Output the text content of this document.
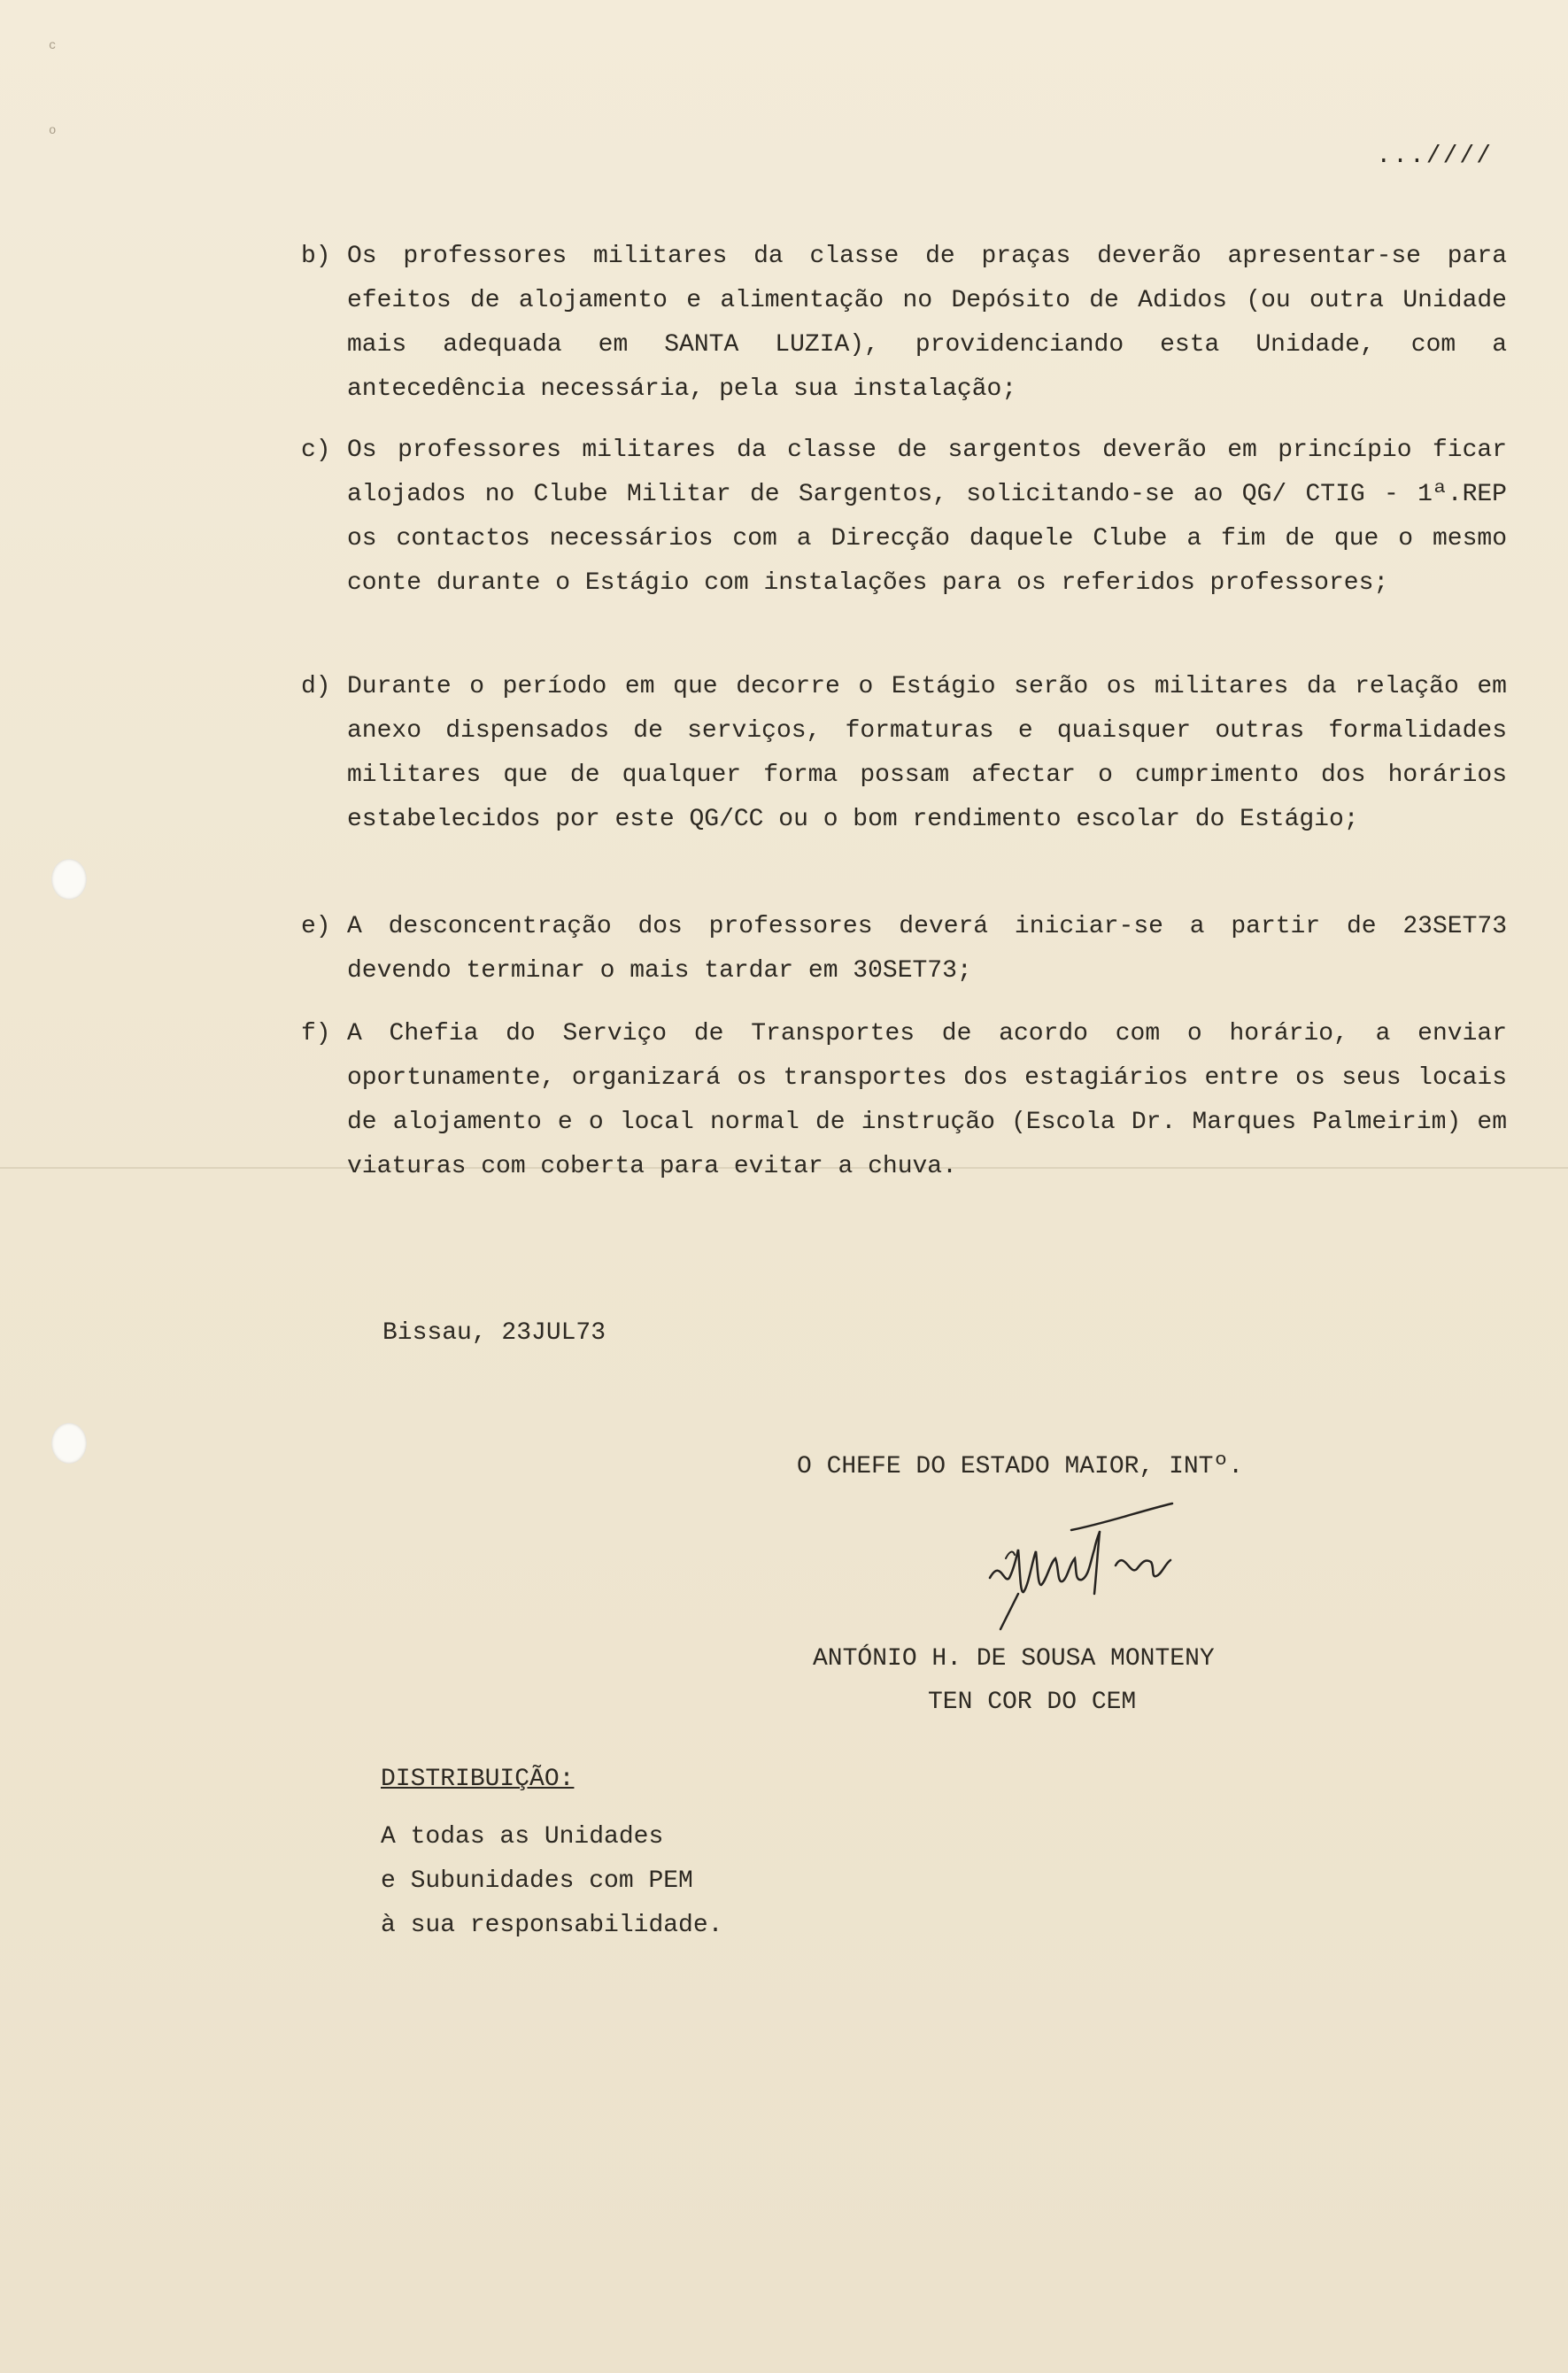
c
o
...////
b) Os professores militares da classe de praças deverão apresentar-se para efeitos de alojamento e alimentação no Depósito de Adidos (ou outra Unidade mais adequada em SANTA LUZIA), providenciando esta Unidade, com a antecedência necessária, pela sua instalação;
c) Os professores militares da classe de sargentos deverão em princípio ficar alojados no Clube Militar de Sargentos, solicitando-se ao QG/ CTIG - 1ª.REP os contactos necessários com a Direcção daquele Clube a fim de que o mesmo conte durante o Estágio com instalações para os referidos professores;
d) Durante o período em que decorre o Estágio serão os militares da relação em anexo dispensados de serviços, formaturas e quaisquer outras formalidades militares que de qualquer forma possam afectar o cumprimento dos horários estabelecidos por este QG/CC ou o bom rendimento escolar do Estágio;
e) A desconcentração dos professores deverá iniciar-se a partir de 23SET73 devendo terminar o mais tardar em 30SET73;
f) A Chefia do Serviço de Transportes de acordo com o horário, a enviar oportunamente, organizará os transportes dos estagiários entre os seus locais de alojamento e o local normal de instrução (Escola Dr. Marques Palmeirim) em viaturas com coberta para evitar a chuva.
Bissau, 23JUL73
O CHEFE DO ESTADO MAIOR, INTº.
ANTÓNIO H. DE SOUSA MONTENY
TEN COR DO CEM
DISTRIBUIÇÃO:
A todas as Unidades
e Subunidades com PEM
à sua responsabilidade.
